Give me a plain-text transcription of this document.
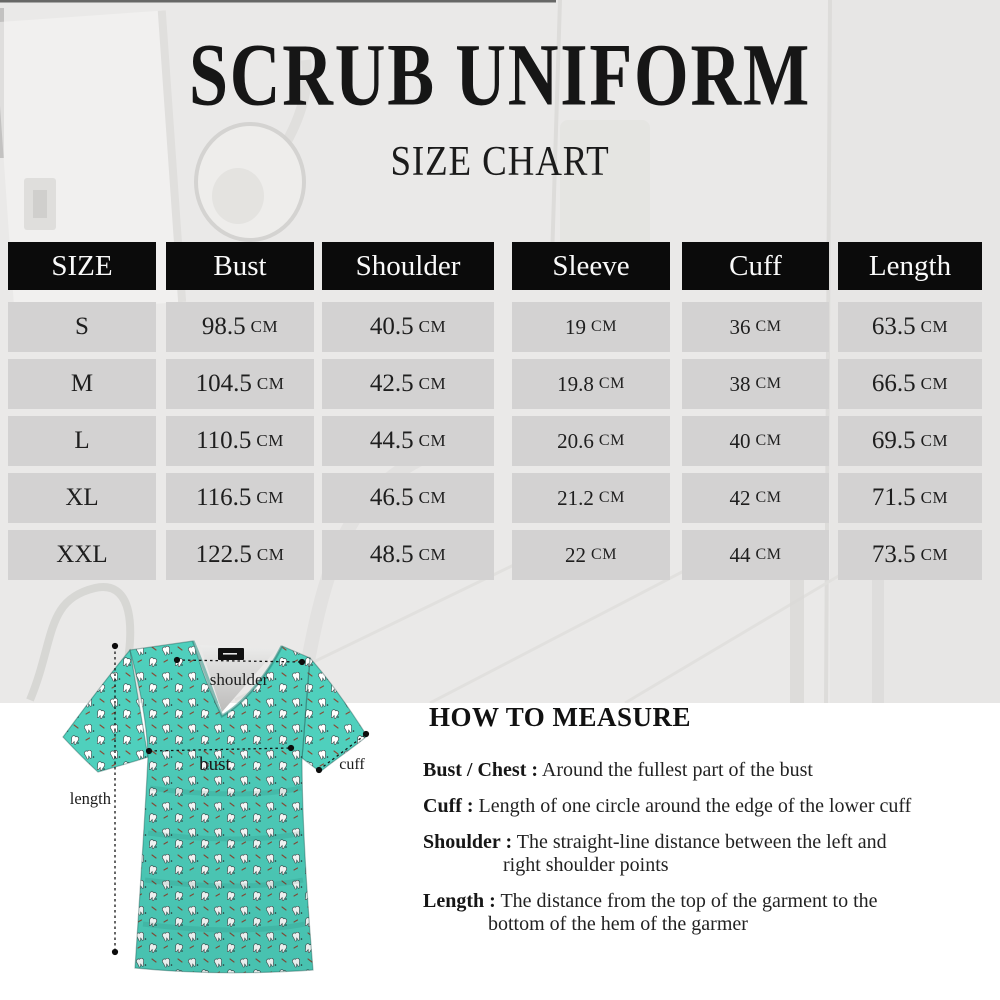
SCRUB UNIFORM
SIZE CHART
SIZE	Bust	Shoulder	Sleeve	Cuff	Length
S	98.5 CM	40.5 CM	19 CM	36 CM	63.5 CM
M	104.5 CM	42.5 CM	19.8 CM	38 CM	66.5 CM
L	110.5 CM	44.5 CM	20.6 CM	40 CM	69.5 CM
XL	116.5 CM	46.5 CM	21.2 CM	42 CM	71.5 CM
XXL	122.5 CM	48.5 CM	22 CM	44 CM	73.5 CM
shoulder
bust	cuff
length
HOW TO MEASURE
Bust / Chest : Around the fullest part of the bust
Cuff : Length of one circle around the edge of the lower cuff
Shoulder : The straight-line distance between the left and
right shoulder points
Length : The distance from the top of the garment to the
bottom of the hem of the garmer
